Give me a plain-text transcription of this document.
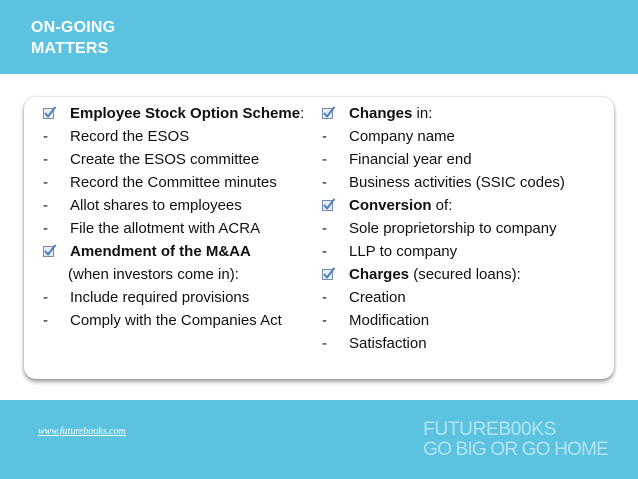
ON-GOING
MATTERS
Employee Stock Option Scheme:
-	Record the ESOS
-	Create the ESOS committee
-	Record the Committee minutes
-	Allot shares to employees
-	File the allotment with ACRA
Amendment of the M&AA
(when investors come in):
-	Include required provisions
-	Comply with the Companies Act
Changes in:
-	Company name
-	Financial year end
-	Business activities (SSIC codes)
Conversion of:
-	Sole proprietorship to company
-	LLP to company
Charges (secured loans):
-	Creation
-	Modification
-	Satisfaction
www.futurebooks.com	FUTUREB00KS
GO BIG OR GO HOME
